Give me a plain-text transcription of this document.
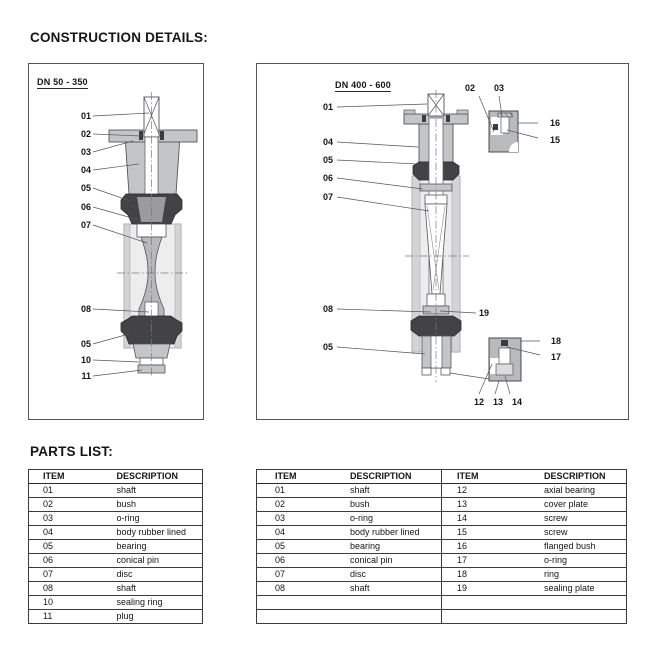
CONSTRUCTION DETAILS:
DN 50 - 350
01
02
03
04
05
06
07
08
05
10
11
DN 400 - 600
01
04
05
06
07
08
05
02	03
16
15
19
18
17
12 13 14
PARTS LIST:
ITEM	DESCRIPTION
01	shaft
02	bush
03	o-ring
04	body rubber lined
05	bearing
06	conical pin
07	disc
08	shaft
10	sealing ring
11	plug
ITEM	DESCRIPTION	ITEM	DESCRIPTION
01	shaft	12	axial bearing
02	bush	13	cover plate
03	o-ring	14	screw
04	body rubber lined	15	screw
05	bearing	16	flanged bush
06	conical pin	17	o-ring
07	disc	18	ring
08	shaft	19	sealing plate
